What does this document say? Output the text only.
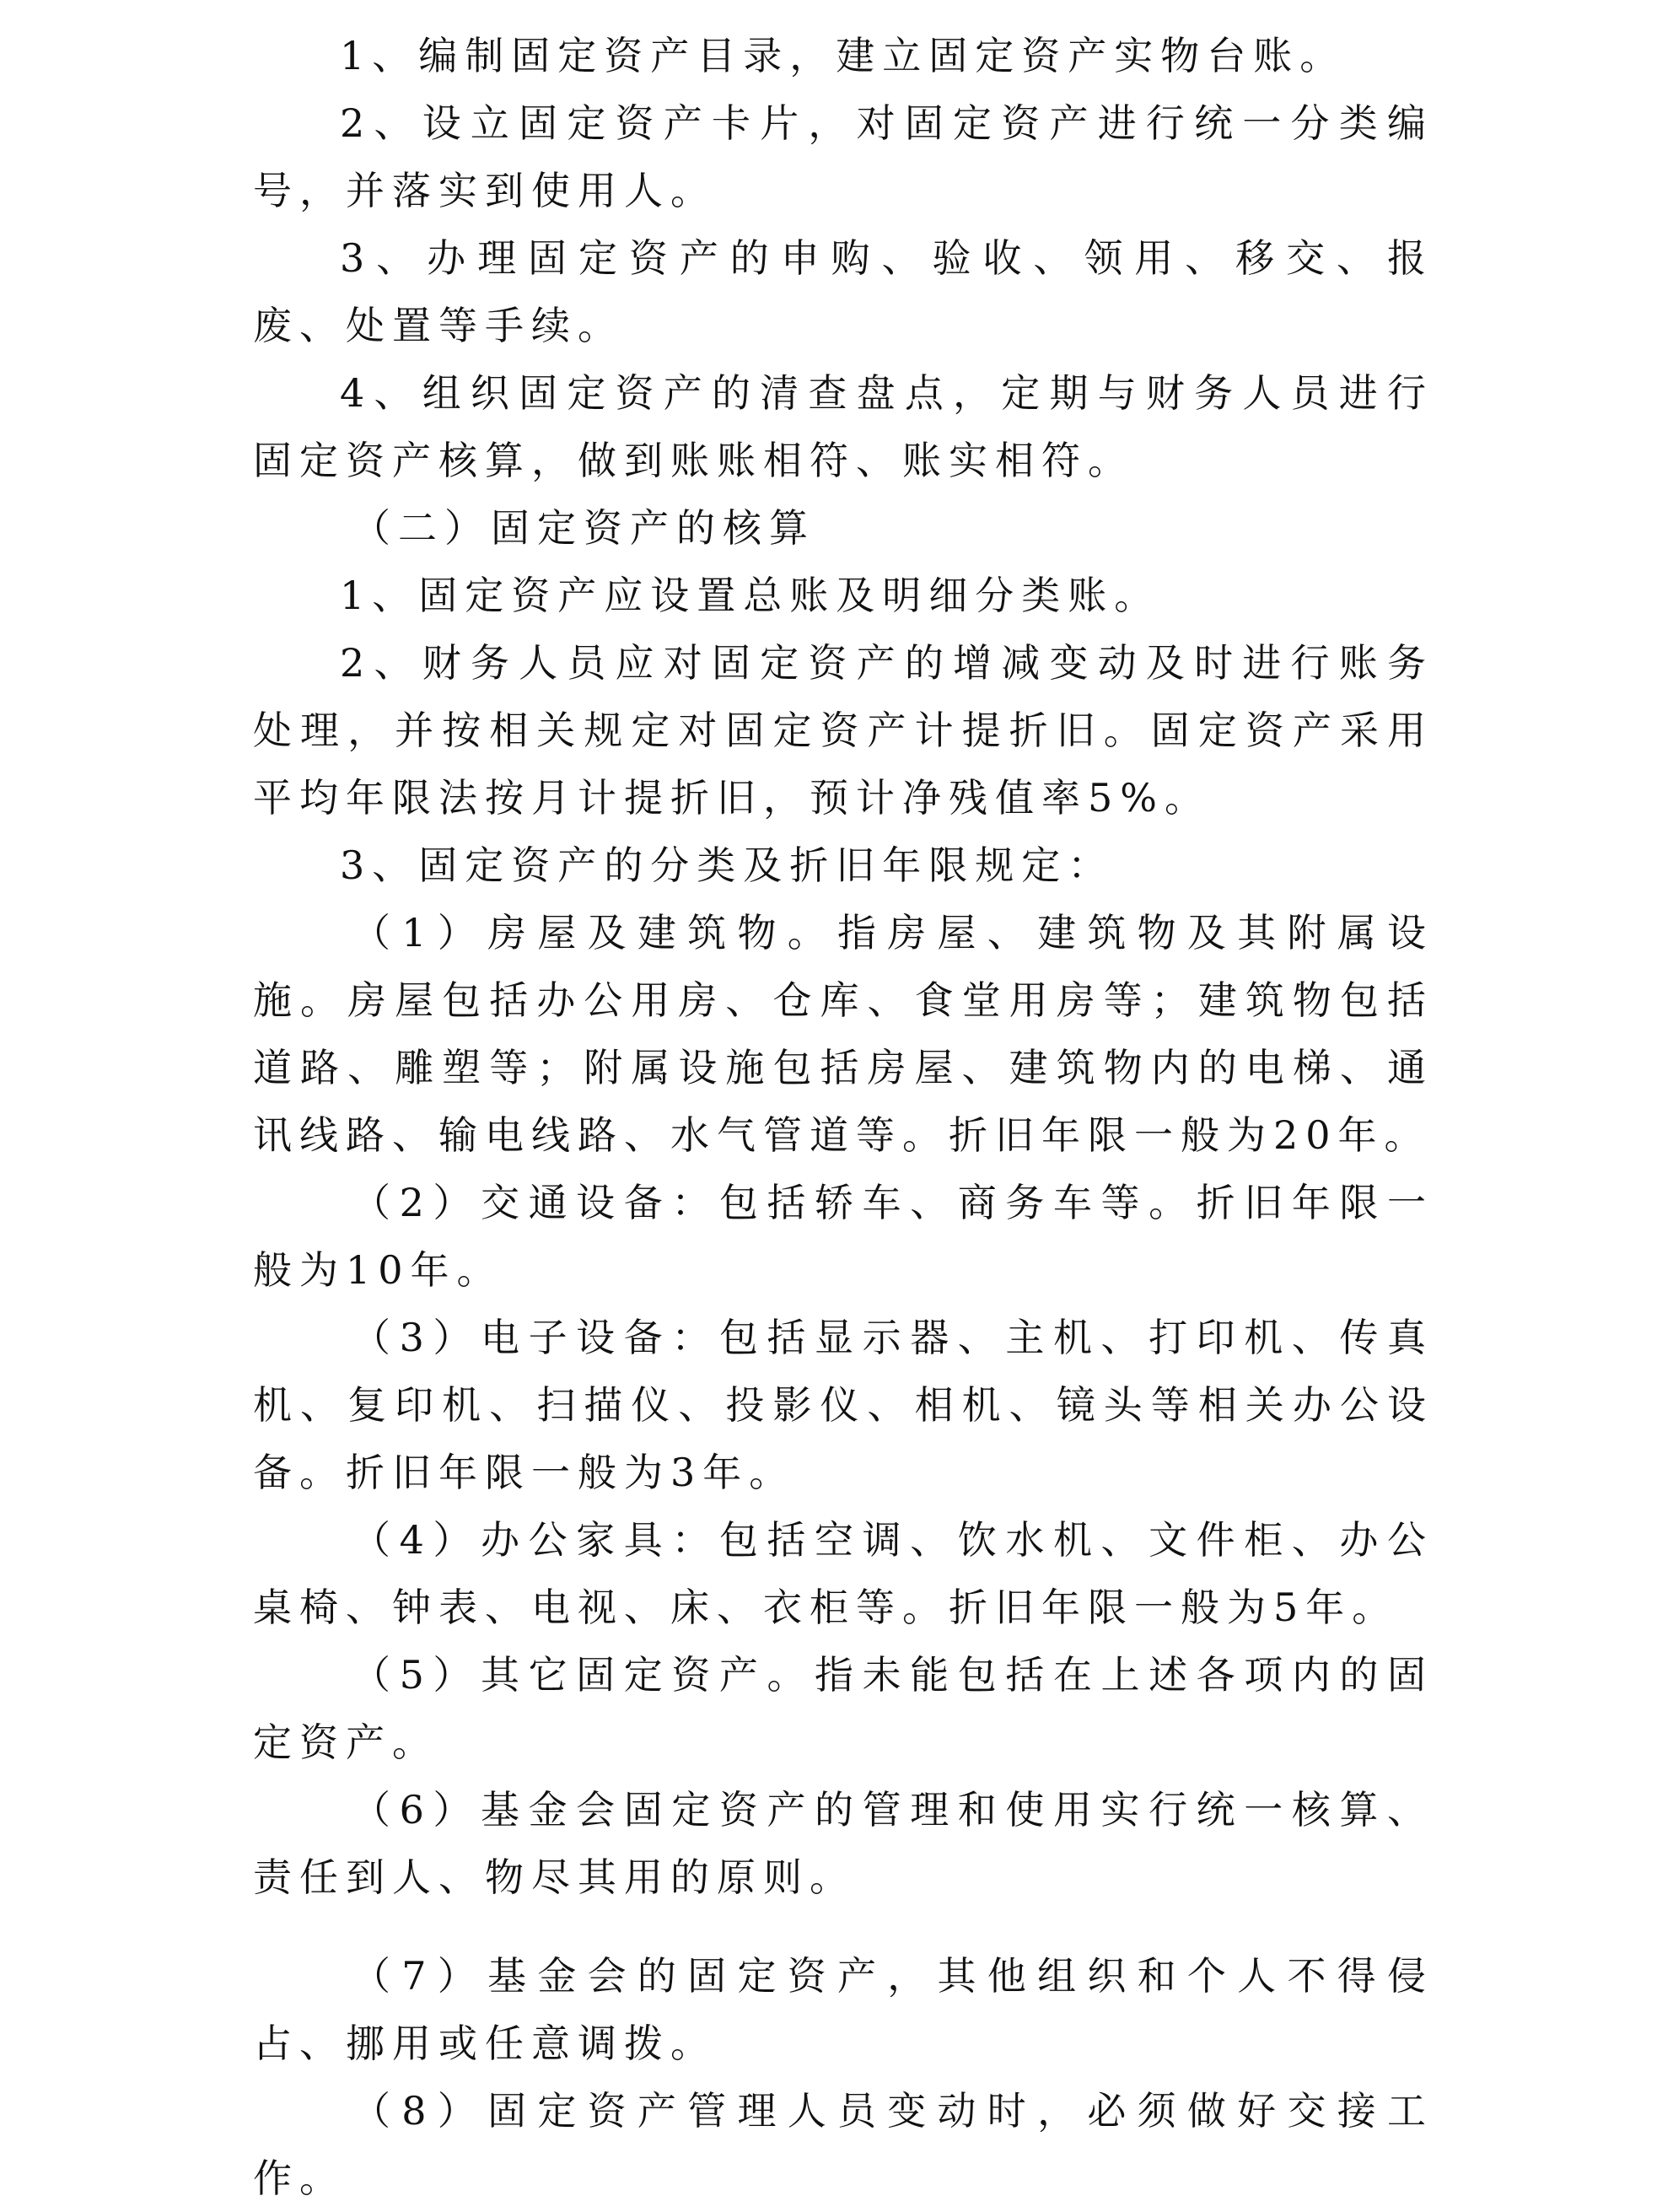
1、编制固定资产目录，建立固定资产实物台账。

2、设立固定资产卡片，对固定资产进行统一分类编号，并落实到使用人。

3、办理固定资产的申购、验收、领用、移交、报废、处置等手续。

4、组织固定资产的清查盘点，定期与财务人员进行固定资产核算，做到账账相符、账实相符。

（二）固定资产的核算

1、固定资产应设置总账及明细分类账。

2、财务人员应对固定资产的增减变动及时进行账务处理，并按相关规定对固定资产计提折旧。固定资产采用平均年限法按月计提折旧，预计净残值率5%。

3、固定资产的分类及折旧年限规定：

（1）房屋及建筑物。指房屋、建筑物及其附属设施。房屋包括办公用房、仓库、食堂用房等；建筑物包括道路、雕塑等；附属设施包括房屋、建筑物内的电梯、通讯线路、输电线路、水气管道等。折旧年限一般为20年。

（2）交通设备：包括轿车、商务车等。折旧年限一般为10年。

（3）电子设备：包括显示器、主机、打印机、传真机、复印机、扫描仪、投影仪、相机、镜头等相关办公设备。折旧年限一般为3年。

（4）办公家具：包括空调、饮水机、文件柜、办公桌椅、钟表、电视、床、衣柜等。折旧年限一般为5年。

（5）其它固定资产。指未能包括在上述各项内的固定资产。

（6）基金会固定资产的管理和使用实行统一核算、责任到人、物尽其用的原则。

（7）基金会的固定资产，其他组织和个人不得侵占、挪用或任意调拨。

（8）固定资产管理人员变动时，必须做好交接工作。
